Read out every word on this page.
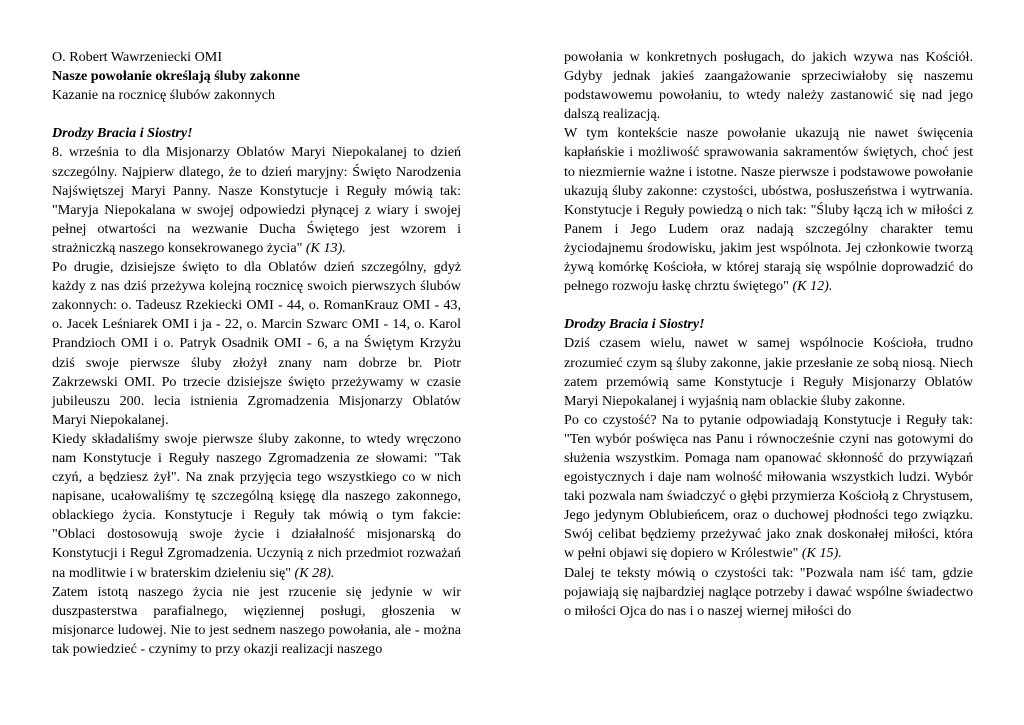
O. Robert Wawrzeniecki OMI

Nasze powołanie określają śluby zakonne

Kazanie na rocznicę ślubów zakonnych

Drodzy Bracia i Siostry!

8. września to dla Misjonarzy Oblatów Maryi Niepokalanej to dzień szczególny. Najpierw dlatego, że to dzień maryjny: Święto Narodzenia Najświętszej Maryi Panny. Nasze Konstytucje i Reguły mówią tak: "Maryja Niepokalana w swojej odpowiedzi płynącej z wiary i swojej pełnej otwartości na wezwanie Ducha Świętego jest wzorem i strażniczką naszego konsekrowanego życia" (K 13).

Po drugie, dzisiejsze święto to dla Oblatów dzień szczególny, gdyż każdy z nas dziś przeżywa kolejną rocznicę swoich pierwszych ślubów zakonnych: o. Tadeusz Rzekiecki OMI - 44, o. RomanKrauz OMI - 43, o. Jacek Leśniarek OMI i ja - 22, o. Marcin Szwarc OMI - 14, o. Karol Prandzioch OMI i o. Patryk Osadnik OMI - 6, a na Świętym Krzyżu dziś swoje pierwsze śluby złożył znany nam dobrze br. Piotr Zakrzewski OMI. Po trzecie dzisiejsze święto przeżywamy w czasie jubileuszu 200. lecia istnienia Zgromadzenia Misjonarzy Oblatów Maryi Niepokalanej.

Kiedy składaliśmy swoje pierwsze śluby zakonne, to wtedy wręczono nam Konstytucje i Reguły naszego Zgromadzenia ze słowami: "Tak czyń, a będziesz żył". Na znak przyjęcia tego wszystkiego co w nich napisane, ucałowaliśmy tę szczególną księgę dla naszego zakonnego, oblackiego życia. Konstytucje i Reguły tak mówią o tym fakcie: "Oblaci dostosowują swoje życie i działalność misjonarską do Konstytucji i Reguł Zgromadzenia. Uczynią z nich przedmiot rozważań na modlitwie i w braterskim dzieleniu się" (K 28).

Zatem istotą naszego życia nie jest rzucenie się jedynie w wir duszpasterstwa parafialnego, więziennej posługi, głoszenia w misjonarce ludowej. Nie to jest sednem naszego powołania, ale - można tak powiedzieć - czynimy to przy okazji realizacji naszego

powołania w konkretnych posługach, do jakich wzywa nas Kościół. Gdyby jednak jakieś zaangażowanie sprzeciwiałoby się naszemu podstawowemu powołaniu, to wtedy należy zastanowić się nad jego dalszą realizacją.

W tym kontekście nasze powołanie ukazują nie nawet święcenia kapłańskie i możliwość sprawowania sakramentów świętych, choć jest to niezmiernie ważne i istotne. Nasze pierwsze i podstawowe powołanie ukazują śluby zakonne: czystości, ubóstwa, posłuszeństwa i wytrwania. Konstytucje i Reguły powiedzą o nich tak: "Śluby łączą ich w miłości z Panem i Jego Ludem oraz nadają szczególny charakter temu życiodajnemu środowisku, jakim jest wspólnota. Jej członkowie tworzą żywą komórkę Kościoła, w której starają się wspólnie doprowadzić do pełnego rozwoju łaskę chrztu świętego" (K 12).

Drodzy Bracia i Siostry!

Dziś czasem wielu, nawet w samej wspólnocie Kościoła, trudno zrozumieć czym są śluby zakonne, jakie przesłanie ze sobą niosą. Niech zatem przemówią same Konstytucje i Reguły Misjonarzy Oblatów Maryi Niepokalanej i wyjaśnią nam oblackie śluby zakonne.

Po co czystość? Na to pytanie odpowiadają Konstytucje i Reguły tak: "Ten wybór poświęca nas Panu i równocześnie czyni nas gotowymi do służenia wszystkim. Pomaga nam opanować skłonność do przywiązań egoistycznych i daje nam wolność miłowania wszystkich ludzi. Wybór taki pozwala nam świadczyć o głębi przymierza Kościołą z Chrystusem, Jego jedynym Oblubieńcem, oraz o duchowej płodności tego związku. Swój celibat będziemy przeżywać jako znak doskonałej miłości, która w pełni objawi się dopiero w Królestwie" (K 15).

Dalej te teksty mówią o czystości tak: "Pozwala nam iść tam, gdzie pojawiają się najbardziej naglące potrzeby i dawać wspólne świadectwo o miłości Ojca do nas i o naszej wiernej miłości do
